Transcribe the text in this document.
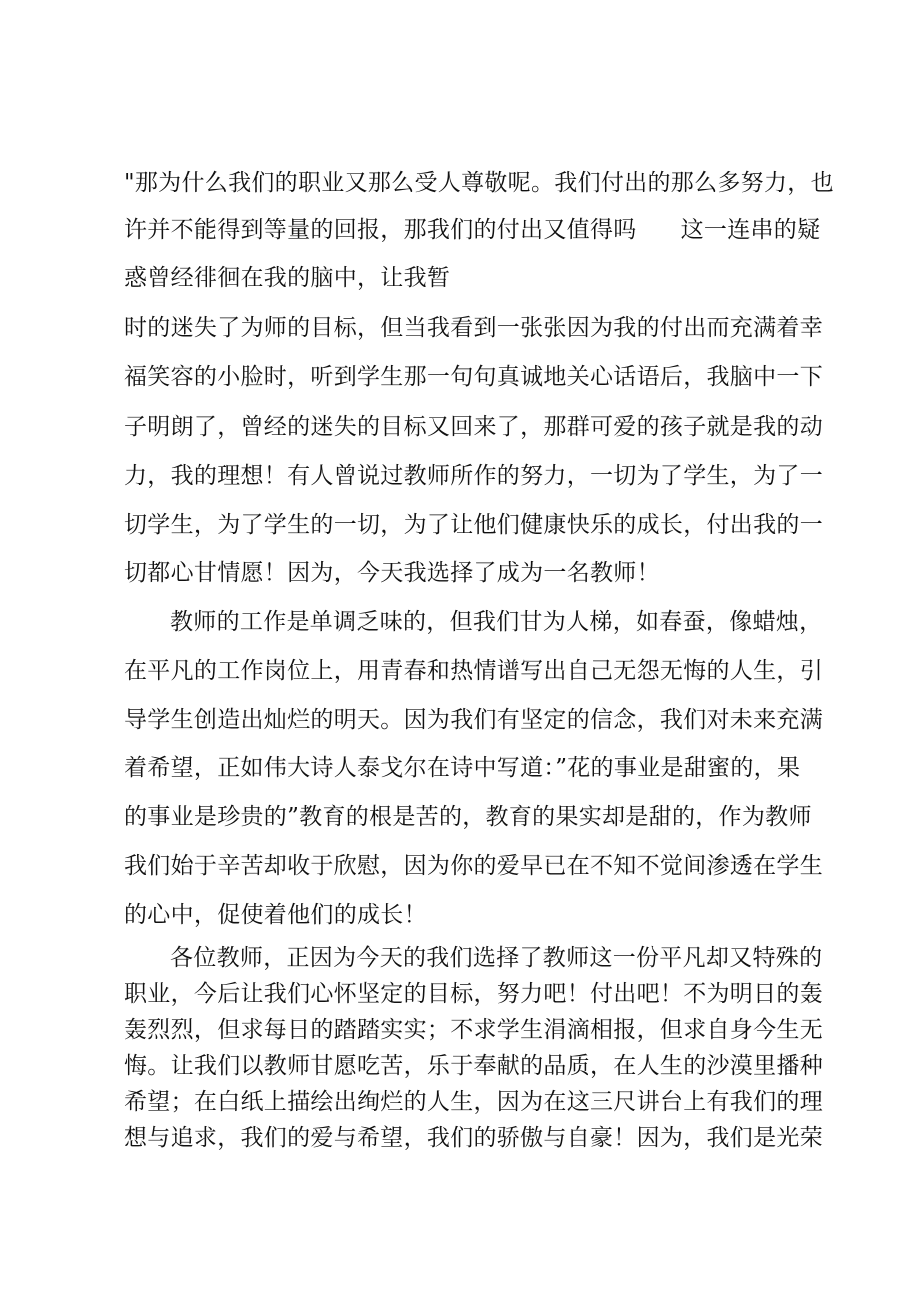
"那为什么我们的职业又那么受人尊敬呢。我们付出的那么多努力，也
许并不能得到等量的回报，那我们的付出又值得吗 这一连串的疑
惑曾经徘徊在我的脑中，让我暂
时的迷失了为师的目标，但当我看到一张张因为我的付出而充满着幸
福笑容的小脸时，听到学生那一句句真诚地关心话语后，我脑中一下
子明朗了，曾经的迷失的目标又回来了，那群可爱的孩子就是我的动
力，我的理想！有人曾说过教师所作的努力，一切为了学生，为了一
切学生，为了学生的一切，为了让他们健康快乐的成长，付出我的一
切都心甘情愿！因为，今天我选择了成为一名教师！
教师的工作是单调乏味的，但我们甘为人梯，如春蚕，像蜡烛，
在平凡的工作岗位上，用青春和热情谱写出自己无怨无悔的人生，引
导学生创造出灿烂的明天。因为我们有坚定的信念，我们对未来充满
着希望，正如伟大诗人泰戈尔在诗中写道：”花的事业是甜蜜的，果
的事业是珍贵的”教育的根是苦的，教育的果实却是甜的，作为教师
我们始于辛苦却收于欣慰，因为你的爱早已在不知不觉间渗透在学生
的心中，促使着他们的成长！
各位教师，正因为今天的我们选择了教师这一份平凡却又特殊的
职业，今后让我们心怀坚定的目标，努力吧！付出吧！不为明日的轰
轰烈烈，但求每日的踏踏实实；不求学生涓滴相报，但求自身今生无
悔。让我们以教师甘愿吃苦，乐于奉献的品质，在人生的沙漠里播种
希望；在白纸上描绘出绚烂的人生，因为在这三尺讲台上有我们的理
想与追求，我们的爱与希望，我们的骄傲与自豪！因为，我们是光荣
